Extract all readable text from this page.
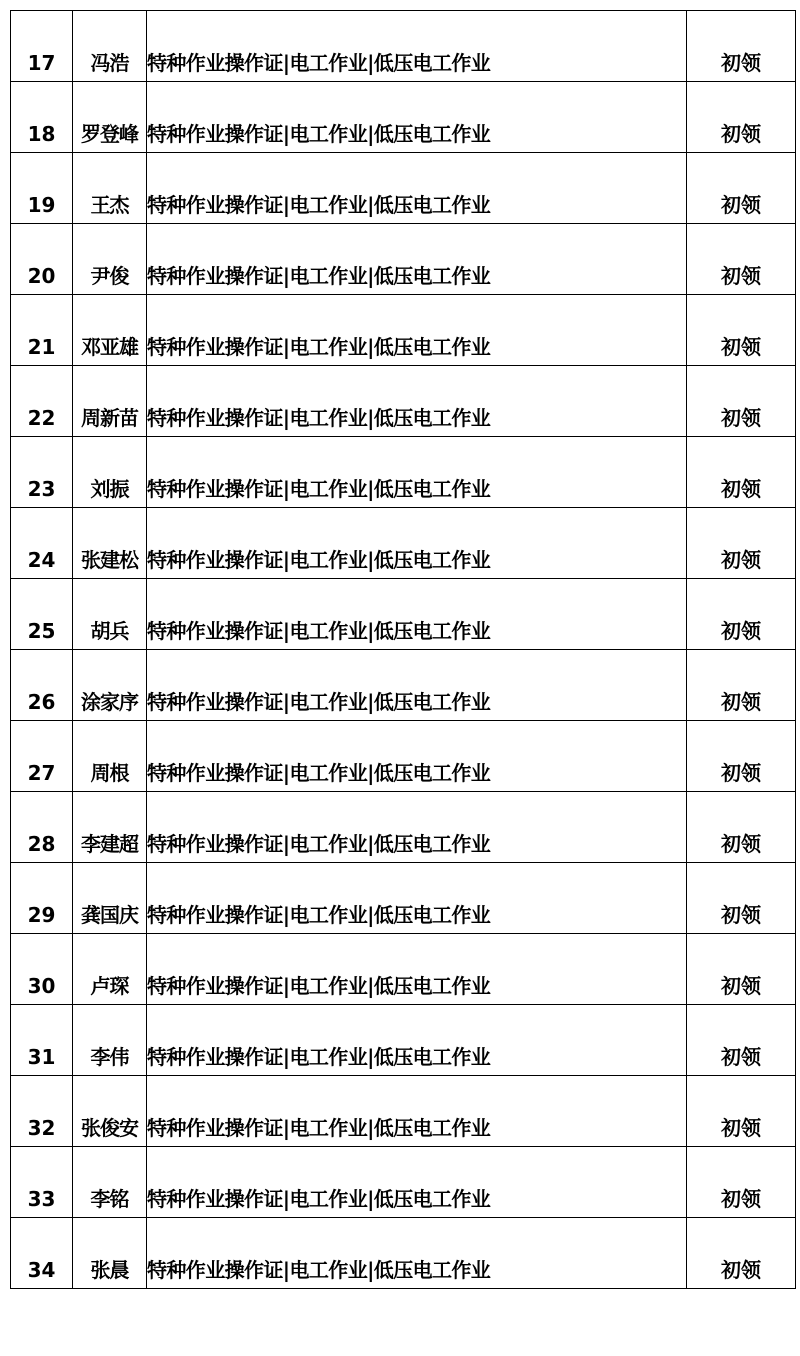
17	冯浩	特种作业操作证|电工作业|低压电工作业	初领
18	罗登峰	特种作业操作证|电工作业|低压电工作业	初领
19	王杰	特种作业操作证|电工作业|低压电工作业	初领
20	尹俊	特种作业操作证|电工作业|低压电工作业	初领
21	邓亚雄	特种作业操作证|电工作业|低压电工作业	初领
22	周新苗	特种作业操作证|电工作业|低压电工作业	初领
23	刘振	特种作业操作证|电工作业|低压电工作业	初领
24	张建松	特种作业操作证|电工作业|低压电工作业	初领
25	胡兵	特种作业操作证|电工作业|低压电工作业	初领
26	涂家序	特种作业操作证|电工作业|低压电工作业	初领
27	周根	特种作业操作证|电工作业|低压电工作业	初领
28	李建超	特种作业操作证|电工作业|低压电工作业	初领
29	龚国庆	特种作业操作证|电工作业|低压电工作业	初领
30	卢琛	特种作业操作证|电工作业|低压电工作业	初领
31	李伟	特种作业操作证|电工作业|低压电工作业	初领
32	张俊安	特种作业操作证|电工作业|低压电工作业	初领
33	李铭	特种作业操作证|电工作业|低压电工作业	初领
34	张晨	特种作业操作证|电工作业|低压电工作业	初领
